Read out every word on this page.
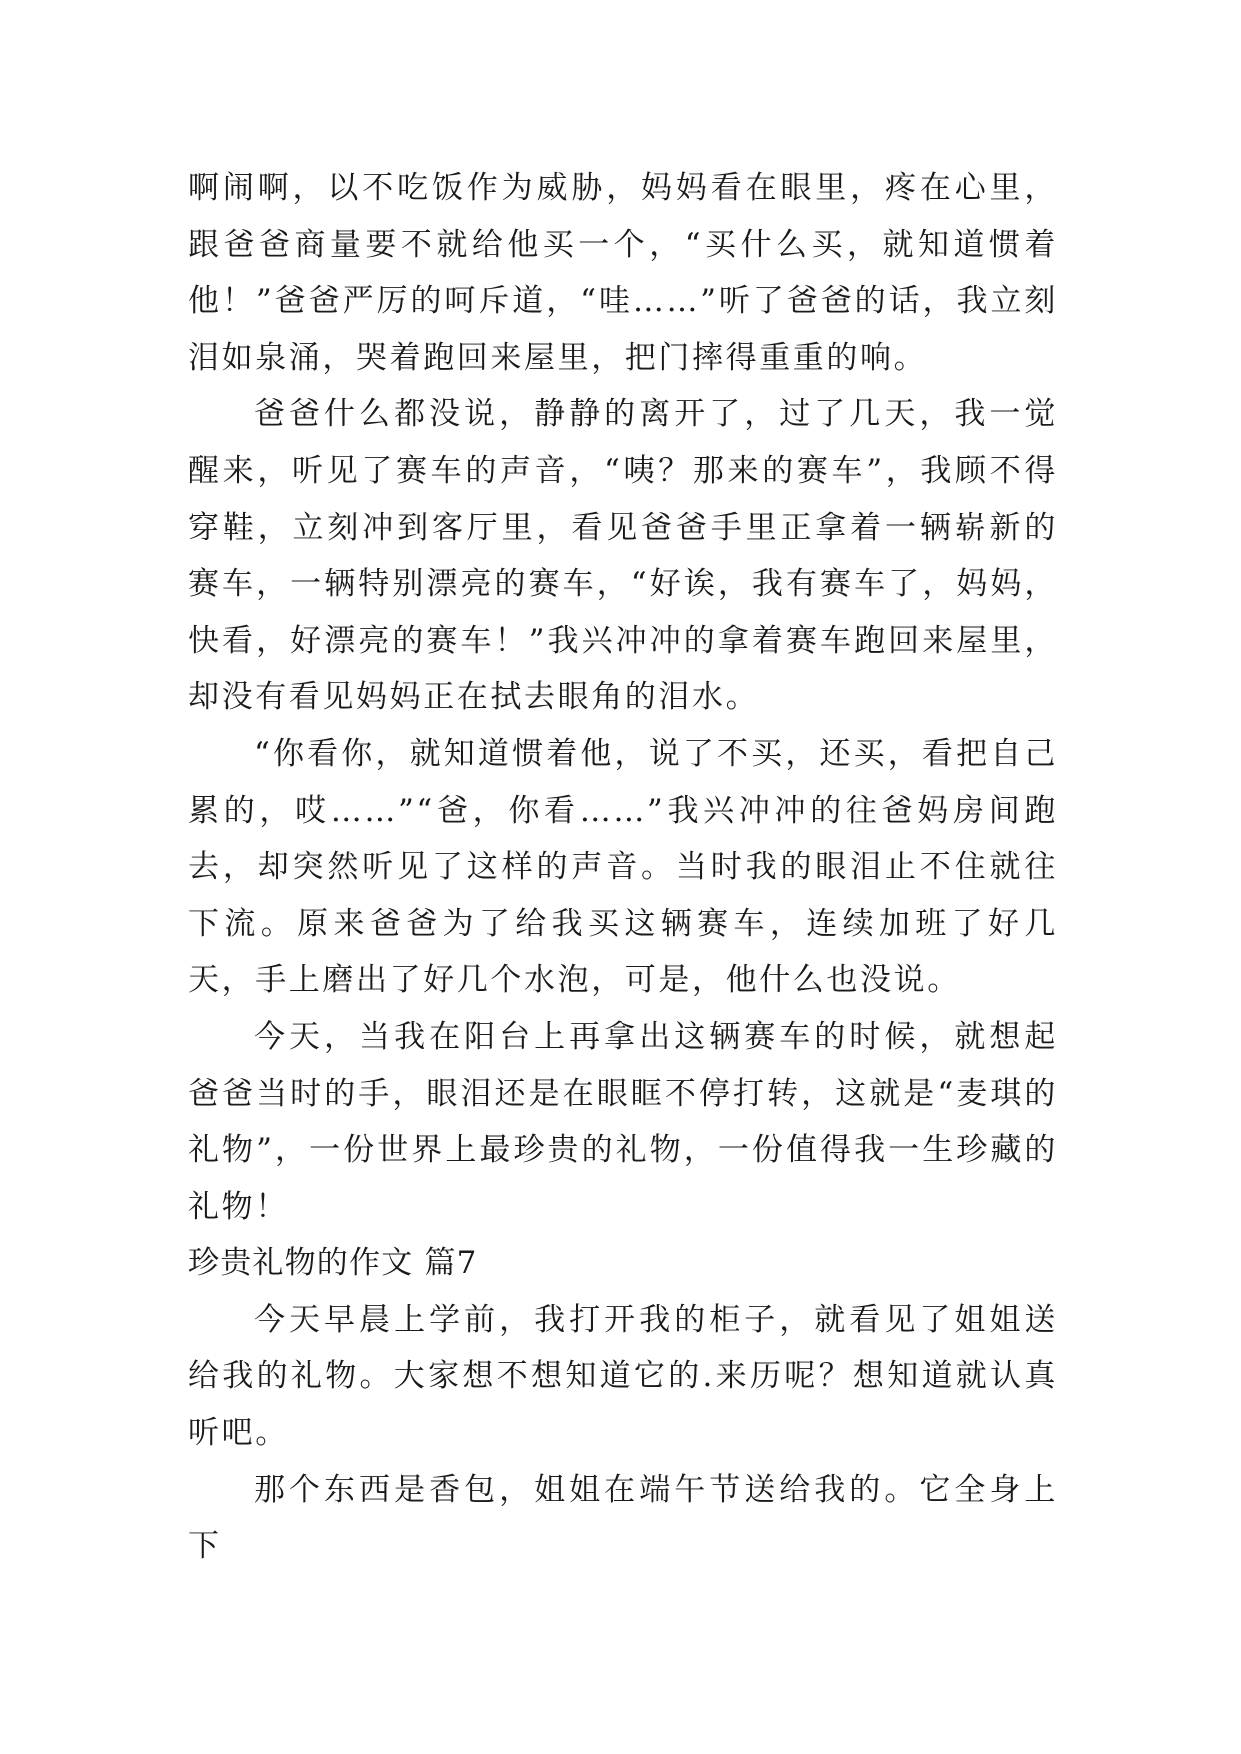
啊闹啊，以不吃饭作为威胁，妈妈看在眼里，疼在心里，跟爸爸商量要不就给他买一个，“买什么买，就知道惯着他！”爸爸严厉的呵斥道，“哇……”听了爸爸的话，我立刻泪如泉涌，哭着跑回来屋里，把门摔得重重的响。

爸爸什么都没说，静静的离开了，过了几天，我一觉醒来，听见了赛车的声音，“咦？那来的赛车”，我顾不得穿鞋，立刻冲到客厅里，看见爸爸手里正拿着一辆崭新的赛车，一辆特别漂亮的赛车，“好诶，我有赛车了，妈妈，快看，好漂亮的赛车！”我兴冲冲的拿着赛车跑回来屋里，却没有看见妈妈正在拭去眼角的泪水。

“你看你，就知道惯着他，说了不买，还买，看把自己累的，哎……”“爸，你看……”我兴冲冲的往爸妈房间跑去，却突然听见了这样的声音。当时我的眼泪止不住就往下流。原来爸爸为了给我买这辆赛车，连续加班了好几天，手上磨出了好几个水泡，可是，他什么也没说。

今天，当我在阳台上再拿出这辆赛车的时候，就想起爸爸当时的手，眼泪还是在眼眶不停打转，这就是“麦琪的礼物”，一份世界上最珍贵的礼物，一份值得我一生珍藏的礼物！

珍贵礼物的作文 篇7

今天早晨上学前，我打开我的柜子，就看见了姐姐送给我的礼物。大家想不想知道它的.来历呢？想知道就认真听吧。

那个东西是香包，姐姐在端午节送给我的。它全身上下
